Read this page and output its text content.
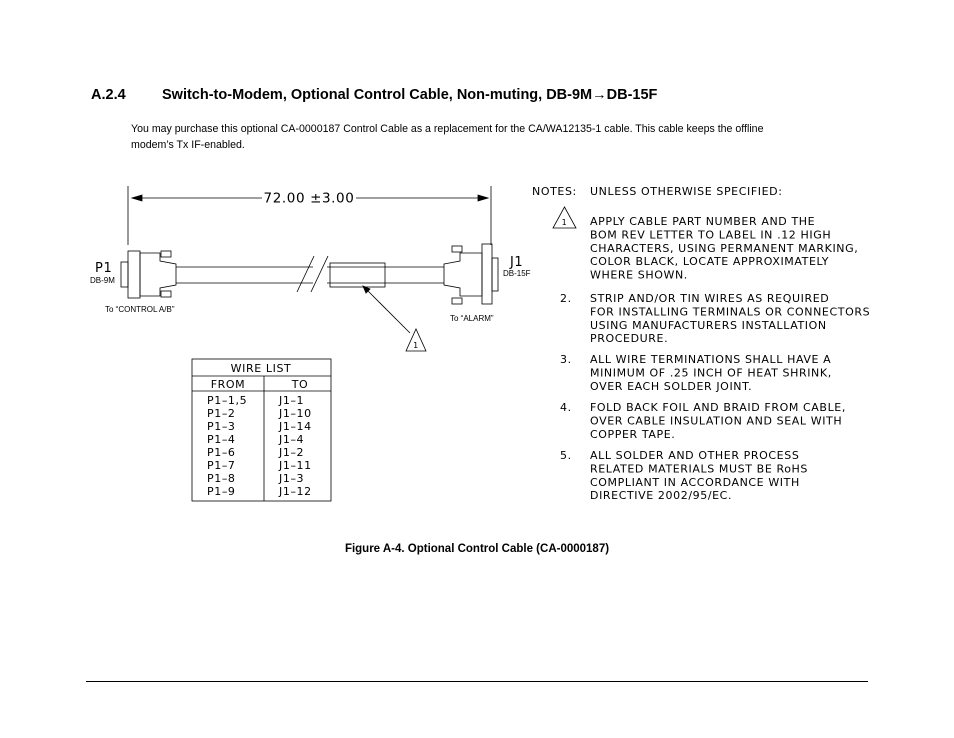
A.2.4	Switch-to-Modem, Optional Control Cable, Non-muting, DB-9M→DB-15F

You may purchase this optional CA-0000187 Control Cable as a replacement for the CA/WA12135-1 cable. This cable keeps the offline

modem’s Tx IF-enabled.

72.00 ±3.00
P1	J1
1
1
WIRE LIST
FROM	TO
DB-9M
DB-15F
To “CONTROL A/B”
To “ALARM”
P1–1,5	J1–1
P1–2	J1–10
P1–3	J1–14
P1–4	J1–4
P1–6	J1–2
P1–7	J1–11
P1–8	J1–3
P1–9	J1–12
NOTES: UNLESS OTHERWISE SPECIFIED:
APPLY CABLE PART NUMBER AND THE
BOM REV LETTER TO LABEL IN .12 HIGH
CHARACTERS, USING PERMANENT MARKING,
COLOR BLACK, LOCATE APPROXIMATELY
WHERE SHOWN.
2. STRIP AND/OR TIN WIRES AS REQUIRED
FOR INSTALLING TERMINALS OR CONNECTORS
USING MANUFACTURERS INSTALLATION
PROCEDURE.
3. ALL WIRE TERMINATIONS SHALL HAVE A
MINIMUM OF .25 INCH OF HEAT SHRINK,
OVER EACH SOLDER JOINT.
4. FOLD BACK FOIL AND BRAID FROM CABLE,
OVER CABLE INSULATION AND SEAL WITH
COPPER TAPE.
5. ALL SOLDER AND OTHER PROCESS
RELATED MATERIALS MUST BE RoHS
COMPLIANT IN ACCORDANCE WITH
DIRECTIVE 2002/95/EC.
Figure A-4. Optional Control Cable (CA-0000187)
